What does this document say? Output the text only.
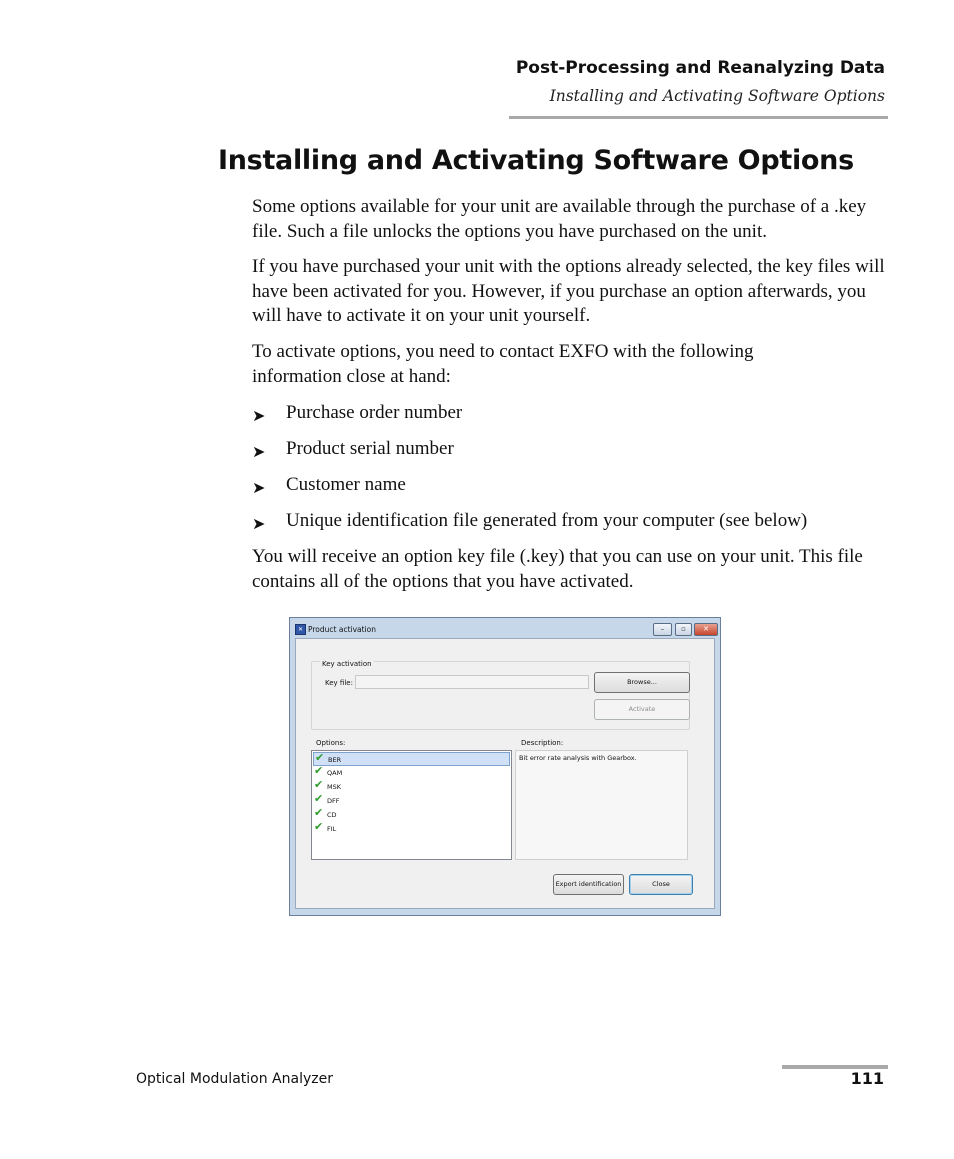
Post-Processing and Reanalyzing Data
Installing and Activating Software Options
Installing and Activating Software Options

Some options available for your unit are available through the purchase of a .key file. Such a file unlocks the options you have purchased on the unit.

If you have purchased your unit with the options already selected, the key files will have been activated for you. However, if you purchase an option afterwards, you will have to activate it on your unit yourself.

To activate options, you need to contact EXFO with the following information close at hand:

➤ Purchase order number
➤ Product serial number
➤ Customer name
➤ Unique identification file generated from your computer (see below)

You will receive an option key file (.key) that you can use on your unit. This file contains all of the options that you have activated.

✕ Product activation	–	▫	✕
Key activation
Key file:	Browse...
Activate
Options:	Description:
✔ BER
✔ QAM
✔ MSK
✔ DFF
✔ CD
✔ FIL
Bit error rate analysis with Gearbox.
Export identification	Close
Optical Modulation Analyzer	111
